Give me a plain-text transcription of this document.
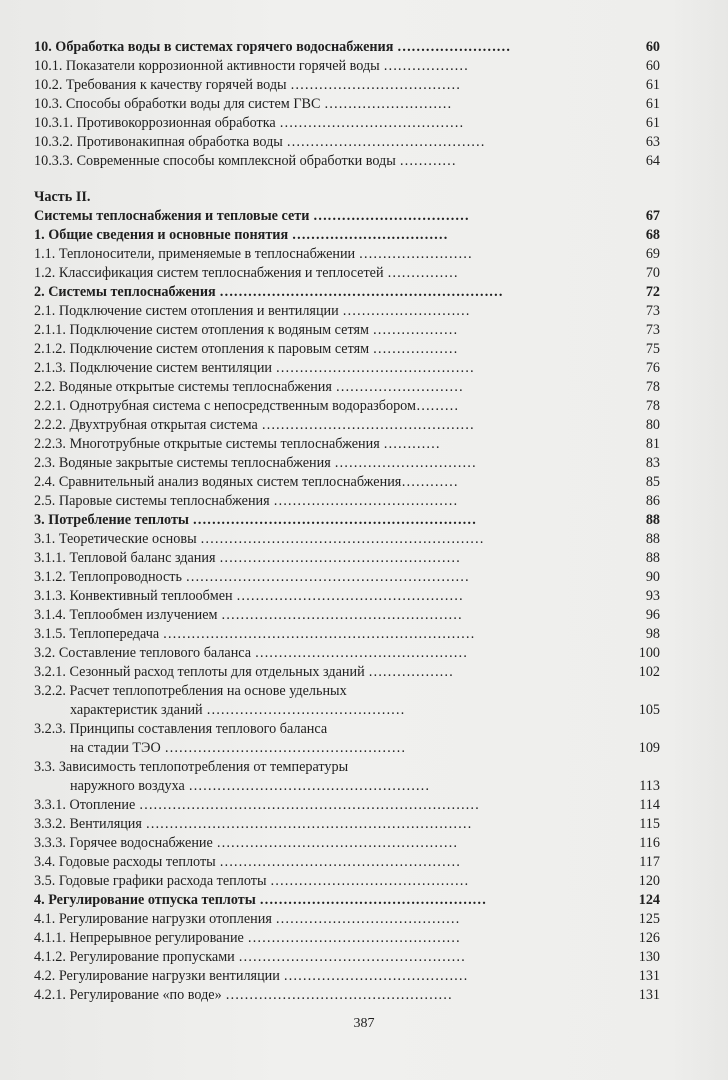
10. Обработка воды в системах горячего водоснабжения ……………………	60
10.1. Показатели коррозионной активности горячей воды ………………	60
10.2. Требования к качеству горячей воды ………………………………	61
10.3. Способы обработки воды для систем ГВС ………………………	61
10.3.1. Противокоррозионная обработка …………………………………	61
10.3.2. Противонакипная обработка воды ……………………………………	63
10.3.3. Современные способы комплексной обработки воды …………	64
Часть II.
Системы теплоснабжения и тепловые сети ……………………………	67
1. Общие сведения и основные понятия ……………………………	68
1.1. Теплоносители, применяемые в теплоснабжении ……………………	69
1.2. Классификация систем теплоснабжения и теплосетей ……………	70
2. Системы теплоснабжения ……………………………………………………	72
2.1. Подключение систем отопления и вентиляции ………………………	73
2.1.1. Подключение систем отопления к водяным сетям ………………	73
2.1.2. Подключение систем отопления к паровым сетям ………………	75
2.1.3. Подключение систем вентиляции ……………………………………	76
2.2. Водяные открытые системы теплоснабжения ………………………	78
2.2.1. Однотрубная система с непосредственным водоразбором………	78
2.2.2. Двухтрубная открытая система ………………………………………	80
2.2.3. Многотрубные открытые системы теплоснабжения …………	81
2.3. Водяные закрытые системы теплоснабжения …………………………	83
2.4. Сравнительный анализ водяных систем теплоснабжения…………	85
2.5. Паровые системы теплоснабжения …………………………………	86
3. Потребление теплоты ……………………………………………………	88
3.1. Теоретические основы ……………………………………………………	88
3.1.1. Тепловой баланс здания ……………………………………………	88
3.1.2. Теплопроводность ……………………………………………………	90
3.1.3. Конвективный теплообмен …………………………………………	93
3.1.4. Теплообмен излучением ……………………………………………	96
3.1.5. Теплопередача …………………………………………………………	98
3.2. Составление теплового баланса ………………………………………	100
3.2.1. Сезонный расход теплоты для отдельных зданий ………………	102
3.2.2. Расчет теплопотребления на основе удельных
характеристик зданий ……………………………………	105
3.2.3. Принципы составления теплового баланса
на стадии ТЭО ……………………………………………	109
3.3. Зависимость теплопотребления от температуры
наружного воздуха ……………………………………………	113
3.3.1. Отопление ………………………………………………………………	114
3.3.2. Вентиляция ……………………………………………………………	115
3.3.3. Горячее водоснабжение ……………………………………………	116
3.4. Годовые расходы теплоты ……………………………………………	117
3.5. Годовые графики расхода теплоты ……………………………………	120
4. Регулирование отпуска теплоты …………………………………………	124
4.1. Регулирование нагрузки отопления …………………………………	125
4.1.1. Непрерывное регулирование ………………………………………	126
4.1.2. Регулирование пропусками …………………………………………	130
4.2. Регулирование нагрузки вентиляции …………………………………	131
4.2.1. Регулирование «по воде» …………………………………………	131
387
